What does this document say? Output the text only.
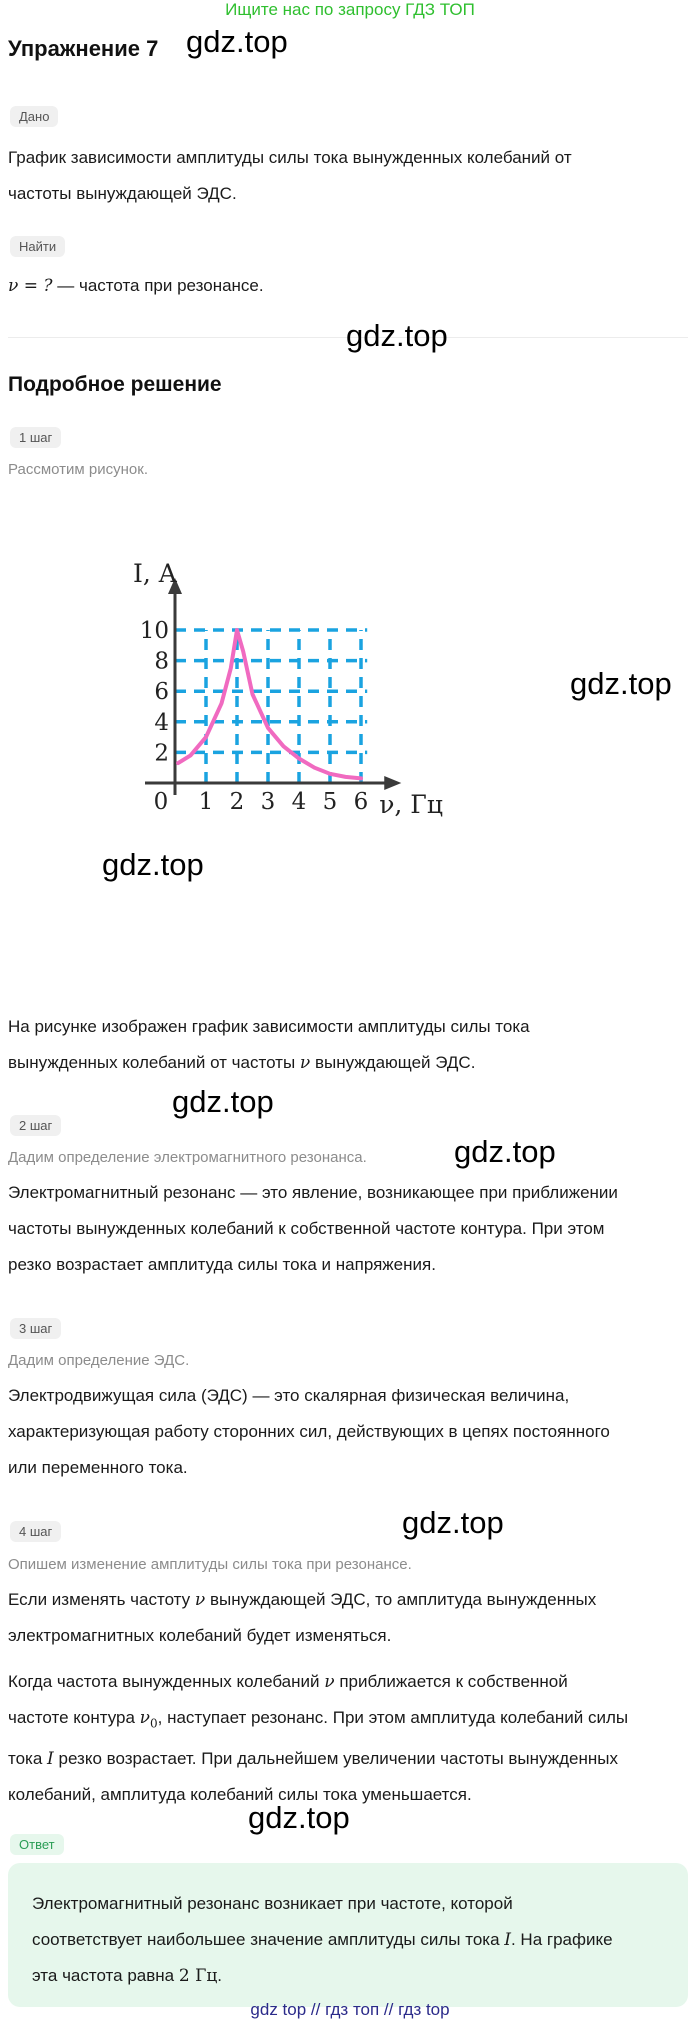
Ищите нас по запросу ГДЗ ТОП
Упражнение 7 gdz.top
Дано
График зависимости амплитуды силы тока вынужденных колебаний от
частоты вынуждающей ЭДС.
Найти
ν = ? — частота при резонансе.
gdz.top
Подробное решение
1 шаг
Рассмотим рисунок.
1 2 3 4 5 6
2
4
6
8
10
0
I, A
ν, Гц
gdz.top
gdz.top
На рисунке изображен график зависимости амплитуды силы тока
вынужденных колебаний от частоты ν вынуждающей ЭДС.
gdz.top
2 шаг
Дадим определение электромагнитного резонанса.	gdz.top
Электромагнитный резонанс — это явление, возникающее при приближении
частоты вынужденных колебаний к собственной частоте контура. При этом
резко возрастает амплитуда силы тока и напряжения.
3 шаг
Дадим определение ЭДС.
Электродвижущая сила (ЭДС) — это скалярная физическая величина,
характеризующая работу сторонних сил, действующих в цепях постоянного
или переменного тока.
gdz.top
4 шаг
Опишем изменение амплитуды силы тока при резонансе.
Если изменять частоту ν вынуждающей ЭДС, то амплитуда вынужденных
электромагнитных колебаний будет изменяться.
Когда частота вынужденных колебаний ν приближается к собственной
частоте контура $\nu_0$, наступает резонанс. При этом амплитуда колебаний силы
тока I резко возрастает. При дальнейшем увеличении частоты вынужденных
колебаний, амплитуда колебаний силы тока уменьшается.
gdz.top
Ответ
Электромагнитный резонанс возникает при частоте, которой
соответствует наибольшее значение амплитуды силы тока I. На графике
эта частота равна 2 Гц.
gdz top // гдз топ // гдз top
